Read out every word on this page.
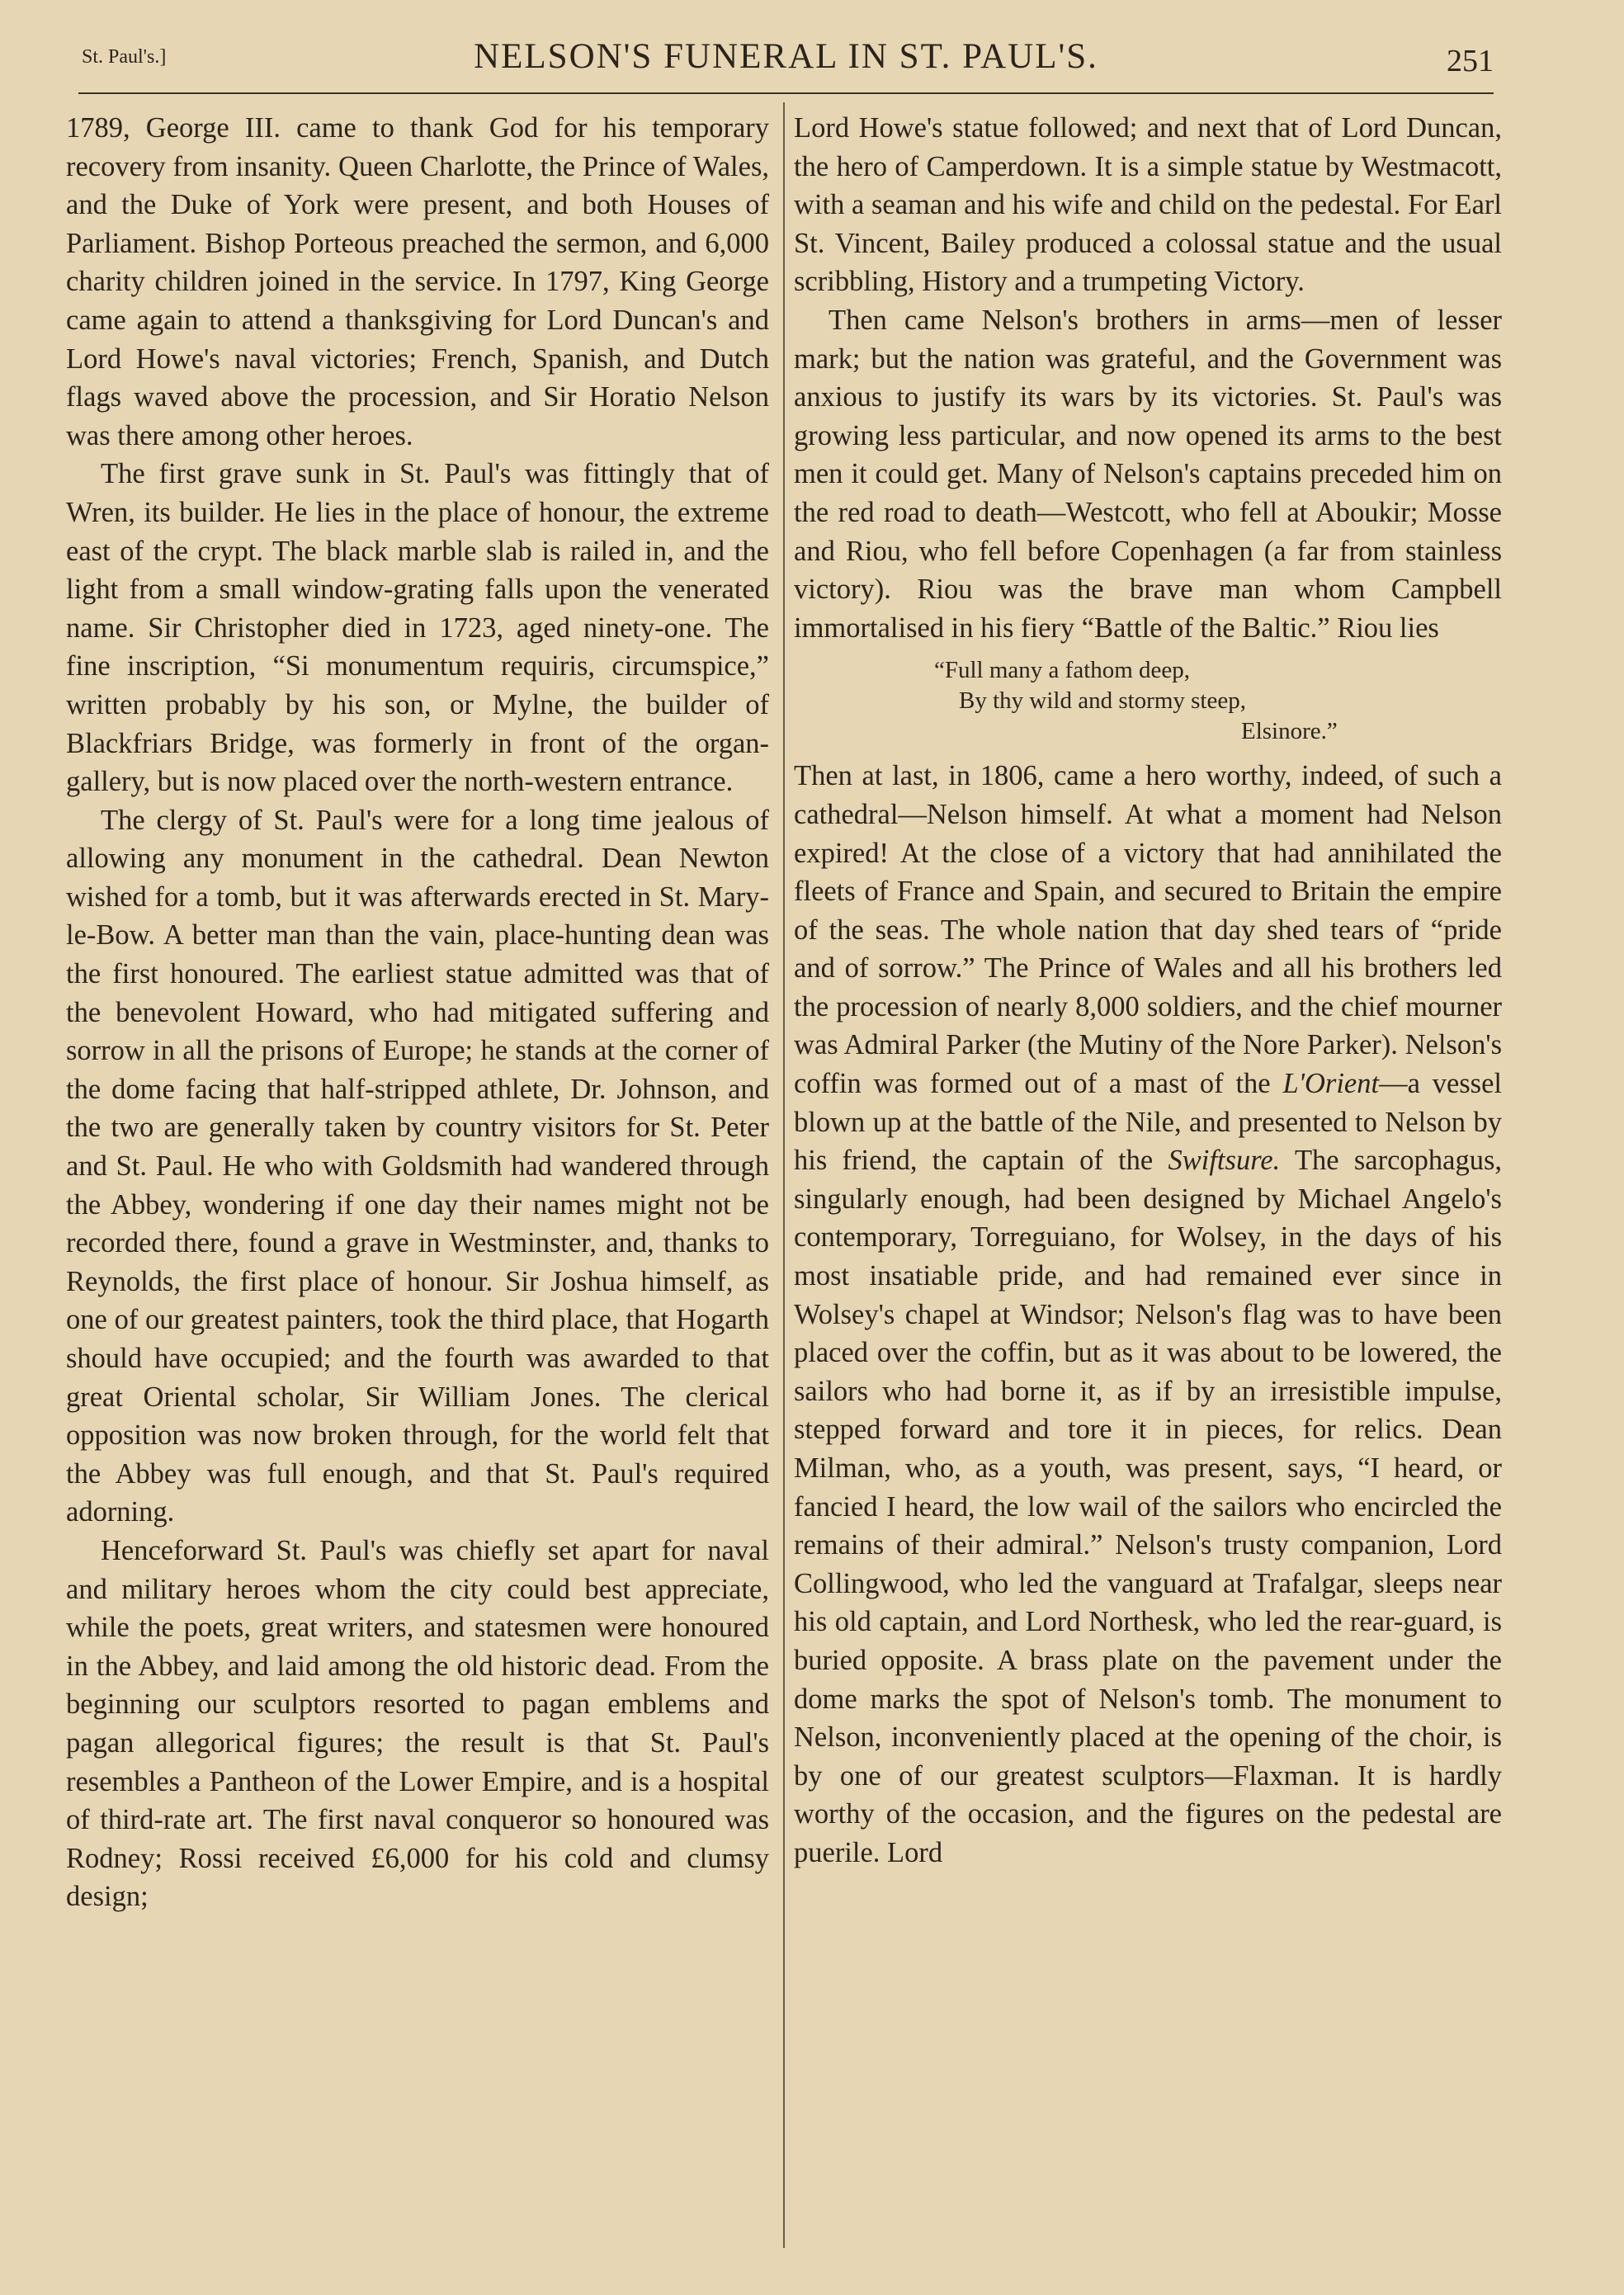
St. Paul's.]	NELSON'S FUNERAL IN ST. PAUL'S.	251

1789, George III. came to thank God for his temporary recovery from insanity. Queen Charlotte, the Prince of Wales, and the Duke of York were present, and both Houses of Parliament. Bishop Porteous preached the sermon, and 6,000 charity children joined in the service. In 1797, King George came again to attend a thanksgiving for Lord Duncan's and Lord Howe's naval victories; French, Spanish, and Dutch flags waved above the procession, and Sir Horatio Nelson was there among other heroes.

The first grave sunk in St. Paul's was fittingly that of Wren, its builder. He lies in the place of honour, the extreme east of the crypt. The black marble slab is railed in, and the light from a small window-grating falls upon the venerated name. Sir Christopher died in 1723, aged ninety-one. The fine inscription, “Si monumentum requiris, circumspice,” written probably by his son, or Mylne, the builder of Blackfriars Bridge, was formerly in front of the organ-gallery, but is now placed over the north-western entrance.

The clergy of St. Paul's were for a long time jealous of allowing any monument in the cathedral. Dean Newton wished for a tomb, but it was afterwards erected in St. Mary-le-Bow. A better man than the vain, place-hunting dean was the first honoured. The earliest statue admitted was that of the benevolent Howard, who had mitigated suffering and sorrow in all the prisons of Europe; he stands at the corner of the dome facing that half-stripped athlete, Dr. Johnson, and the two are generally taken by country visitors for St. Peter and St. Paul. He who with Goldsmith had wandered through the Abbey, wondering if one day their names might not be recorded there, found a grave in Westminster, and, thanks to Reynolds, the first place of honour. Sir Joshua himself, as one of our greatest painters, took the third place, that Hogarth should have occupied; and the fourth was awarded to that great Oriental scholar, Sir William Jones. The clerical opposition was now broken through, for the world felt that the Abbey was full enough, and that St. Paul's required adorning.

Henceforward St. Paul's was chiefly set apart for naval and military heroes whom the city could best appreciate, while the poets, great writers, and statesmen were honoured in the Abbey, and laid among the old historic dead. From the beginning our sculptors resorted to pagan emblems and pagan allegorical figures; the result is that St. Paul's resembles a Pantheon of the Lower Empire, and is a hospital of third-rate art. The first naval conqueror so honoured was Rodney; Rossi received £6,000 for his cold and clumsy design;

Lord Howe's statue followed; and next that of Lord Duncan, the hero of Camperdown. It is a simple statue by Westmacott, with a seaman and his wife and child on the pedestal. For Earl St. Vincent, Bailey produced a colossal statue and the usual scribbling, History and a trumpeting Victory.

Then came Nelson's brothers in arms—men of lesser mark; but the nation was grateful, and the Government was anxious to justify its wars by its victories. St. Paul's was growing less particular, and now opened its arms to the best men it could get. Many of Nelson's captains preceded him on the red road to death—Westcott, who fell at Aboukir; Mosse and Riou, who fell before Copenhagen (a far from stainless victory). Riou was the brave man whom Campbell immortalised in his fiery “Battle of the Baltic.” Riou lies

“Full many a fathom deep,
By thy wild and stormy steep,
Elsinore.”

Then at last, in 1806, came a hero worthy, indeed, of such a cathedral—Nelson himself. At what a moment had Nelson expired! At the close of a victory that had annihilated the fleets of France and Spain, and secured to Britain the empire of the seas. The whole nation that day shed tears of “pride and of sorrow.” The Prince of Wales and all his brothers led the procession of nearly 8,000 soldiers, and the chief mourner was Admiral Parker (the Mutiny of the Nore Parker). Nelson's coffin was formed out of a mast of the L'Orient—a vessel blown up at the battle of the Nile, and presented to Nelson by his friend, the captain of the Swiftsure. The sarcophagus, singularly enough, had been designed by Michael Angelo's contemporary, Torreguiano, for Wolsey, in the days of his most insatiable pride, and had remained ever since in Wolsey's chapel at Windsor; Nelson's flag was to have been placed over the coffin, but as it was about to be lowered, the sailors who had borne it, as if by an irresistible impulse, stepped forward and tore it in pieces, for relics. Dean Milman, who, as a youth, was present, says, “I heard, or fancied I heard, the low wail of the sailors who encircled the remains of their admiral.” Nelson's trusty companion, Lord Collingwood, who led the vanguard at Trafalgar, sleeps near his old captain, and Lord Northesk, who led the rear-guard, is buried opposite. A brass plate on the pavement under the dome marks the spot of Nelson's tomb. The monument to Nelson, inconveniently placed at the opening of the choir, is by one of our greatest sculptors—Flaxman. It is hardly worthy of the occasion, and the figures on the pedestal are puerile. Lord
